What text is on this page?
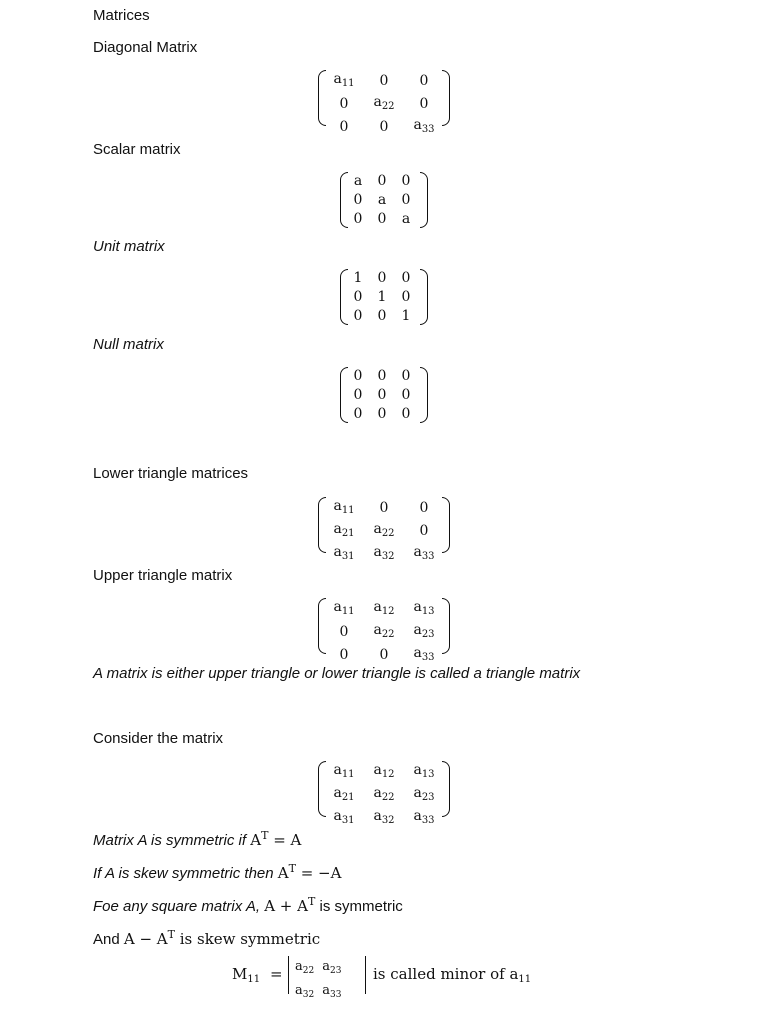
Matrices
Diagonal Matrix
$a_{11}$	0	0
0	$a_{22}$	0
0	0	$a_{33}$
Scalar matrix
a	0	0
0	a	0
0	0	a
Unit matrix
1	0	0
0	1	0
0	0	1
Null matrix
0	0	0
0	0	0
0	0	0
Lower triangle matrices
$a_{11}$	0	0
$a_{21}$	$a_{22}$	0
$a_{31}$	$a_{32}$	$a_{33}$
Upper triangle matrix
$a_{11}$	$a_{12}$	$a_{13}$
0	$a_{22}$	$a_{23}$
0	0	$a_{33}$
A matrix is either upper triangle or lower triangle is called a triangle matrix
Consider the matrix
$a_{11}$	$a_{12}$	$a_{13}$
$a_{21}$	$a_{22}$	$a_{23}$
$a_{31}$	$a_{32}$	$a_{33}$
Matrix A is symmetric if $A^T = A$
If A is skew symmetric then $A^T = -A$
Foe any square matrix A, $A + A^T$ is symmetric
And $A - A^T$ is skew symmetric
$M_{11} = a_{22}$	$a_{23}$
$a_{32}$	$a_{33}$
is called minor of $a_{11}$
